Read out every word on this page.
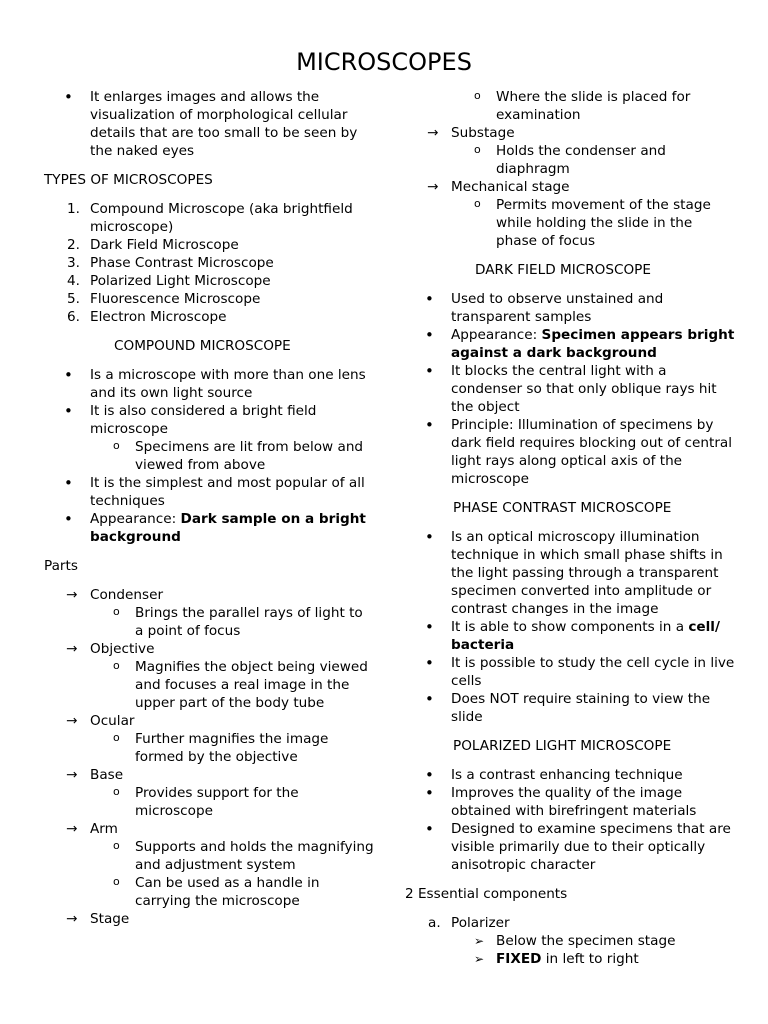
MICROSCOPES
• It enlarges images and allows the visualization of morphological cellular details that are too small to be seen by the naked eyes
TYPES OF MICROSCOPES
1. Compound Microscope (aka brightfield microscope)
2. Dark Field Microscope
3. Phase Contrast Microscope
4. Polarized Light Microscope
5. Fluorescence Microscope
6. Electron Microscope
COMPOUND MICROSCOPE
• Is a microscope with more than one lens and its own light source
• It is also considered a bright field microscope
o Specimens are lit from below and viewed from above
• It is the simplest and most popular of all techniques
• Appearance: Dark sample on a bright background
Parts
→ Condenser
o Brings the parallel rays of light to a point of focus
→ Objective
o Magnifies the object being viewed and focuses a real image in the upper part of the body tube
→ Ocular
o Further magnifies the image formed by the objective
→ Base
o Provides support for the microscope
→ Arm
o Supports and holds the magnifying and adjustment system
o Can be used as a handle in carrying the microscope
→ Stage
o Where the slide is placed for examination
→ Substage
o Holds the condenser and diaphragm
→ Mechanical stage
o Permits movement of the stage while holding the slide in the phase of focus
DARK FIELD MICROSCOPE
• Used to observe unstained and transparent samples
• Appearance: Specimen appears bright against a dark background
• It blocks the central light with a condenser so that only oblique rays hit the object
• Principle: Illumination of specimens by dark field requires blocking out of central light rays along optical axis of the microscope
PHASE CONTRAST MICROSCOPE
• Is an optical microscopy illumination technique in which small phase shifts in the light passing through a transparent specimen converted into amplitude or contrast changes in the image
• It is able to show components in a cell/ bacteria
• It is possible to study the cell cycle in live cells
• Does NOT require staining to view the slide
POLARIZED LIGHT MICROSCOPE
• Is a contrast enhancing technique
• Improves the quality of the image obtained with birefringent materials
• Designed to examine specimens that are visible primarily due to their optically anisotropic character
2 Essential components
a. Polarizer
➢ Below the specimen stage
➢ FIXED in left to right
